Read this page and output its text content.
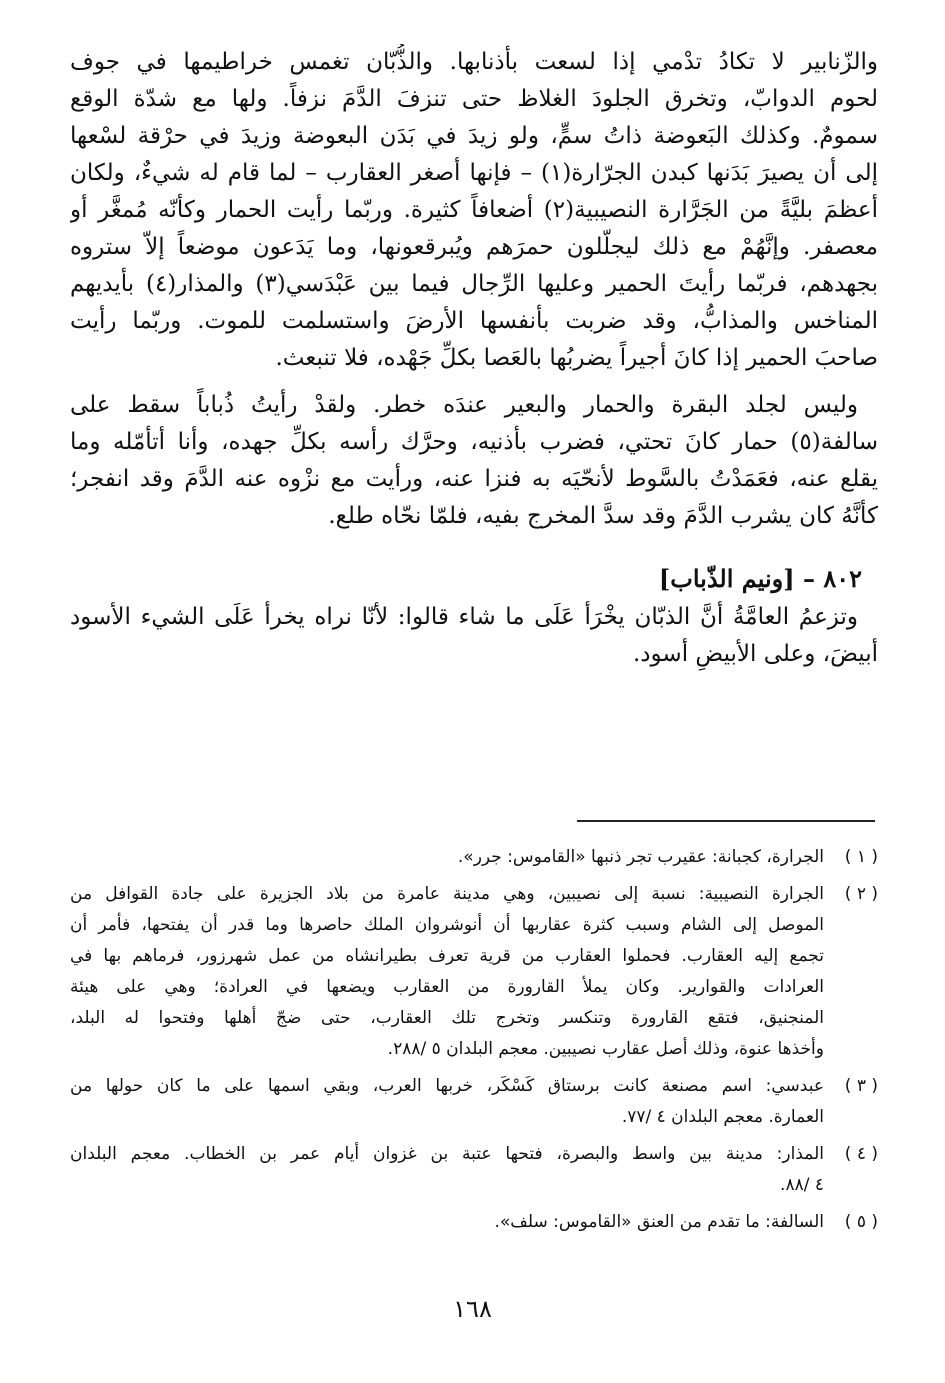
والزّنابير لا تكادُ تدْمي إذا لسعت بأذنابها. والذُّبّان تغمس خراطيمها في جوف
لحوم الدوابّ، وتخرق الجلودَ الغلاظ حتى تنزفَ الدَّمَ نزفاً. ولها مع شدّة الوقع
سمومٌ. وكذلك البَعوضة ذاتُ سمٍّ، ولو زيدَ في بَدَن البعوضة وزيدَ في حرْقة لسْعها
إلى أن يصيرَ بَدَنها كبدن الجرّارة(١) – فإنها أصغر العقارب – لما قام له شيءٌ، ولكان
أعظمَ بليَّةً من الجَرَّارة النصيبية(٢) أضعافاً كثيرة. وربّما رأيت الحمار وكأنّه مُمغَّر أو
معصفر. وإنَّهُمْ مع ذلك ليجلّلون حمرَهم ويُبرقعونها، وما يَدَعون موضعاً إلاّ ستروه
بجهدهم، فربّما رأيتَ الحمير وعليها الرِّجال فيما بين عَبْدَسي(٣) والمذار(٤) بأيديهم
المناخس والمذابُّ، وقد ضربت بأنفسها الأرضَ واستسلمت للموت. وربّما رأيت
صاحبَ الحمير إذا كانَ أجيراً يضربُها بالعَصا بكلِّ جَهْده، فلا تنبعث.
وليس لجلد البقرة والحمار والبعير عندَه خطر. ولقدْ رأيتُ ذُباباً سقط على
سالفة(٥) حمار كانَ تحتي، فضرب بأُذنيه، وحرَّك رأسه بكلِّ جهده، وأنا أتأمّله وما
يقلع عنه، فعَمَدْتُ بالسَّوط لأنحّيَه به فنزا عنه، ورأيت مع نزْوه عنه الدَّمَ وقد انفجر؛
كأنَّهُ كان يشرب الدَّمَ وقد سدَّ المخرج بفيه، فلمّا نحّاه طلع.
٨٠٢ – [ونيم الذّباب]
وتزعمُ العامَّةُ أنَّ الذبّان يخْرَأ عَلَى ما شاء قالوا: لأنّا نراه يخرأ عَلَى الشيء الأسود
أبيضَ، وعلى الأبيضِ أسود.
( ١ )
الجرارة، كجبانة: عقيرب تجر ذنبها «القاموس: جرر».
( ٢ )
الجرارة النصيبية: نسبة إلى نصيبين، وهي مدينة عامرة من بلاد الجزيرة على جادة القوافل من
الموصل إلى الشام وسبب كثرة عقاربها أن أنوشروان الملك حاصرها وما قدر أن يفتحها، فأمر أن
تجمع إليه العقارب. فحملوا العقارب من قرية تعرف بطيرانشاه من عمل شهرزور، فرماهم بها في
العرادات والقوارير. وكان يملأ القارورة من العقارب ويضعها في العرادة؛ وهي على هيئة
المنجنيق، فتقع القارورة وتنكسر وتخرج تلك العقارب، حتى ضجّ أهلها وفتحوا له البلد،
وأخذها عنوة، وذلك أصل عقارب نصيبين. معجم البلدان ٥ /٢٨٨.
( ٣ )
عبدسي: اسم مصنعة كانت برستاق كَسْكَر، خربها العرب، وبقي اسمها على ما كان حولها من
العمارة. معجم البلدان ٤ /٧٧.
( ٤ )
المذار: مدينة بين واسط والبصرة، فتحها عتبة بن غزوان أيام عمر بن الخطاب. معجم البلدان
٤ /٨٨.
( ٥ )
السالفة: ما تقدم من العنق «القاموس: سلف».
١٦٨
